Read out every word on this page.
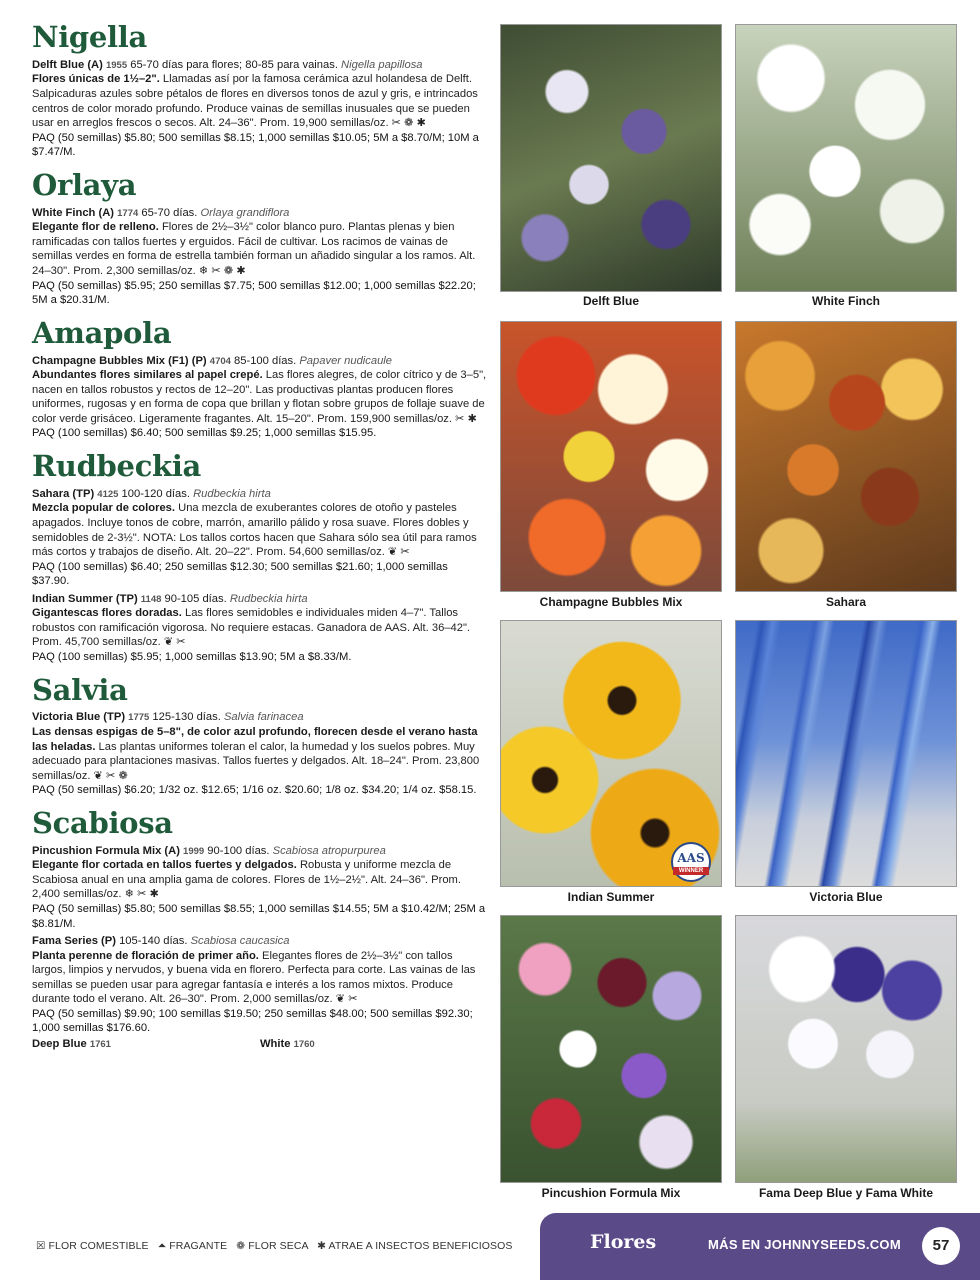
Nigella
Delft Blue (A) 1955 65-70 días para flores; 80-85 para vainas. Nigella papillosa
Flores únicas de 1½–2". Llamadas así por la famosa cerámica azul holandesa de Delft. Salpicaduras azules sobre pétalos de flores en diversos tonos de azul y gris, e intrincados centros de color morado profundo. Produce vainas de semillas inusuales que se pueden usar en arreglos frescos o secos. Alt. 24–36". Prom. 19,900 semillas/oz. ✂ ❁ ✱
PAQ (50 semillas) $5.80; 500 semillas $8.15; 1,000 semillas $10.05; 5M a $8.70/M; 10M a $7.47/M.
Orlaya
White Finch (A) 1774 65-70 días. Orlaya grandiflora
Elegante flor de relleno. Flores de 2½–3½" color blanco puro. Plantas plenas y bien ramificadas con tallos fuertes y erguidos. Fácil de cultivar. Los racimos de vainas de semillas verdes en forma de estrella también forman un añadido singular a los ramos. Alt. 24–30". Prom. 2,300 semillas/oz. ❄ ✂ ❁ ✱
PAQ (50 semillas) $5.95; 250 semillas $7.75; 500 semillas $12.00; 1,000 semillas $22.20; 5M a $20.31/M.
Amapola
Champagne Bubbles Mix (F1) (P) 4704 85-100 días. Papaver nudicaule
Abundantes flores similares al papel crepé. Las flores alegres, de color cítrico y de 3–5", nacen en tallos robustos y rectos de 12–20". Las productivas plantas producen flores uniformes, rugosas y en forma de copa que brillan y flotan sobre grupos de follaje suave de color verde grisáceo. Ligeramente fragantes. Alt. 15–20". Prom. 159,900 semillas/oz. ✂ ✱
PAQ (100 semillas) $6.40; 500 semillas $9.25; 1,000 semillas $15.95.
Rudbeckia
Sahara (TP) 4125 100-120 días. Rudbeckia hirta
Mezcla popular de colores. Una mezcla de exuberantes colores de otoño y pasteles apagados. Incluye tonos de cobre, marrón, amarillo pálido y rosa suave. Flores dobles y semidobles de 2-3½". NOTA: Los tallos cortos hacen que Sahara sólo sea útil para ramos más cortos y trabajos de diseño. Alt. 20–22". Prom. 54,600 semillas/oz. ❦ ✂
PAQ (100 semillas) $6.40; 250 semillas $12.30; 500 semillas $21.60; 1,000 semillas $37.90.
Indian Summer (TP) 1148 90-105 días. Rudbeckia hirta
Gigantescas flores doradas. Las flores semidobles e individuales miden 4–7". Tallos robustos con ramificación vigorosa. No requiere estacas. Ganadora de AAS. Alt. 36–42". Prom. 45,700 semillas/oz. ❦ ✂
PAQ (100 semillas) $5.95; 1,000 semillas $13.90; 5M a $8.33/M.
Salvia
Victoria Blue (TP) 1775 125-130 días. Salvia farinacea
Las densas espigas de 5–8", de color azul profundo, florecen desde el verano hasta las heladas. Las plantas uniformes toleran el calor, la humedad y los suelos pobres. Muy adecuado para plantaciones masivas. Tallos fuertes y delgados. Alt. 18–24". Prom. 23,800 semillas/oz. ❦ ✂ ❁
PAQ (50 semillas) $6.20; 1/32 oz. $12.65; 1/16 oz. $20.60; 1/8 oz. $34.20; 1/4 oz. $58.15.
Scabiosa
Pincushion Formula Mix (A) 1999 90-100 días. Scabiosa atropurpurea
Elegante flor cortada en tallos fuertes y delgados. Robusta y uniforme mezcla de Scabiosa anual en una amplia gama de colores. Flores de 1½–2½". Alt. 24–36". Prom. 2,400 semillas/oz. ❄ ✂ ✱
PAQ (50 semillas) $5.80; 500 semillas $8.55; 1,000 semillas $14.55; 5M a $10.42/M; 25M a $8.81/M.
Fama Series (P) 105-140 días. Scabiosa caucasica
Planta perenne de floración de primer año. Elegantes flores de 2½–3½" con tallos largos, limpios y nervudos, y buena vida en florero. Perfecta para corte. Las vainas de las semillas se pueden usar para agregar fantasía e interés a los ramos mixtos. Produce durante todo el verano. Alt. 26–30". Prom. 2,000 semillas/oz. ❦ ✂
PAQ (50 semillas) $9.90; 100 semillas $19.50; 250 semillas $48.00; 500 semillas $92.30; 1,000 semillas $176.60.
Deep Blue 1761	White 1760
Delft Blue	White Finch
Champagne Bubbles Mix	Sahara
AAS
WINNER
Indian Summer	Victoria Blue
Pincushion Formula Mix	Fama Deep Blue y Fama White
☒ FLOR COMESTIBLE ⏶ FRAGANTE ❁ FLOR SECA ✱ ATRAE A INSECTOS BENEFICIOSOS	Flores	MÁS EN JOHNNYSEEDS.COM	57
